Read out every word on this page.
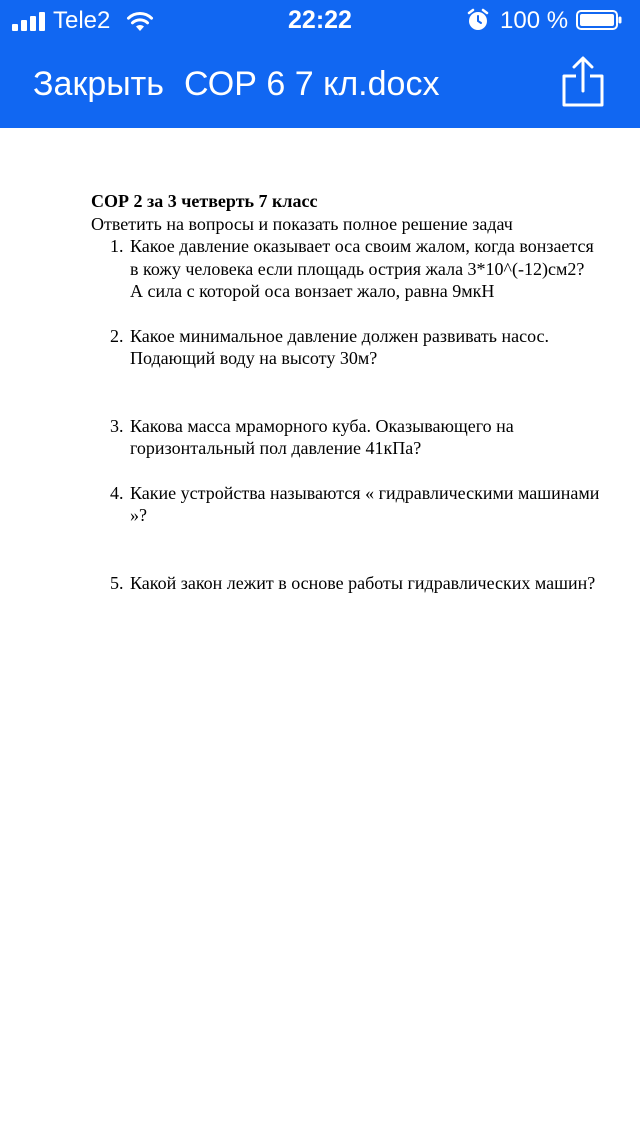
Tele2	22:22	100 %
Закрыть СОР 6 7 кл.docx
СОР 2 за 3 четверть 7 класс
Ответить на вопросы и показать полное решение задач
1. Какое давление оказывает оса своим жалом, когда вонзается в кожу человека если площадь острия жала 3*10^(-12)см2? А сила с которой оса вонзает жало, равна 9мкН
2. Какое минимальное давление должен развивать насос. Подающий воду на высоту 30м?
3. Какова масса мраморного куба. Оказывающего на горизонтальный пол давление 41кПа?
4. Какие устройства называются « гидравлическими машинами »?
5. Какой закон лежит в основе работы гидравлических машин?
